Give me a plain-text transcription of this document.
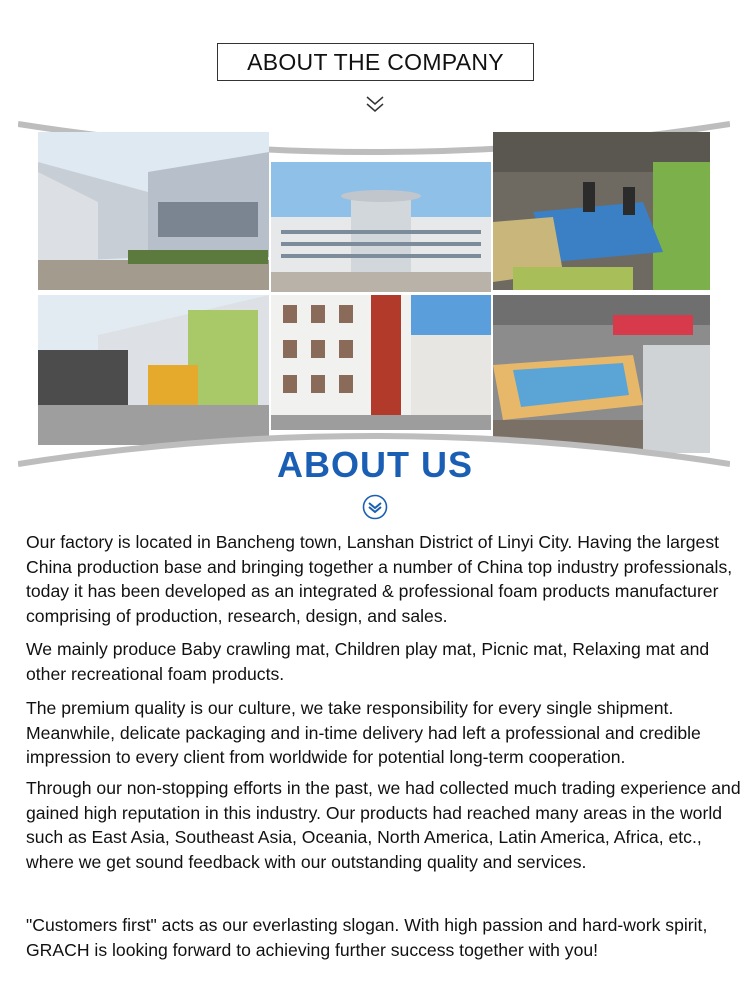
ABOUT THE COMPANY
ABOUT US
Our factory is located in Bancheng town, Lanshan District of Linyi City. Having the largest China production base and bringing together a number of China top industry professionals, today it has been developed as an integrated & professional foam products manufacturer comprising of production, research, design, and sales.
We mainly produce Baby crawling mat, Children play mat, Picnic mat, Relaxing mat and other recreational foam products.
The premium quality is our culture, we take responsibility for every single shipment. Meanwhile, delicate packaging and in-time delivery had left a professional and credible impression to every client from worldwide for potential long-term cooperation.
Through our non-stopping efforts in the past, we had collected much trading experience and gained high reputation in this industry. Our products had reached many areas in the world such as East Asia, Southeast Asia, Oceania, North America, Latin America, Africa, etc., where we get sound feedback with our outstanding quality and services.
"Customers first" acts as our everlasting slogan. With high passion and hard-work spirit, GRACH is looking forward to achieving further success together with you!
